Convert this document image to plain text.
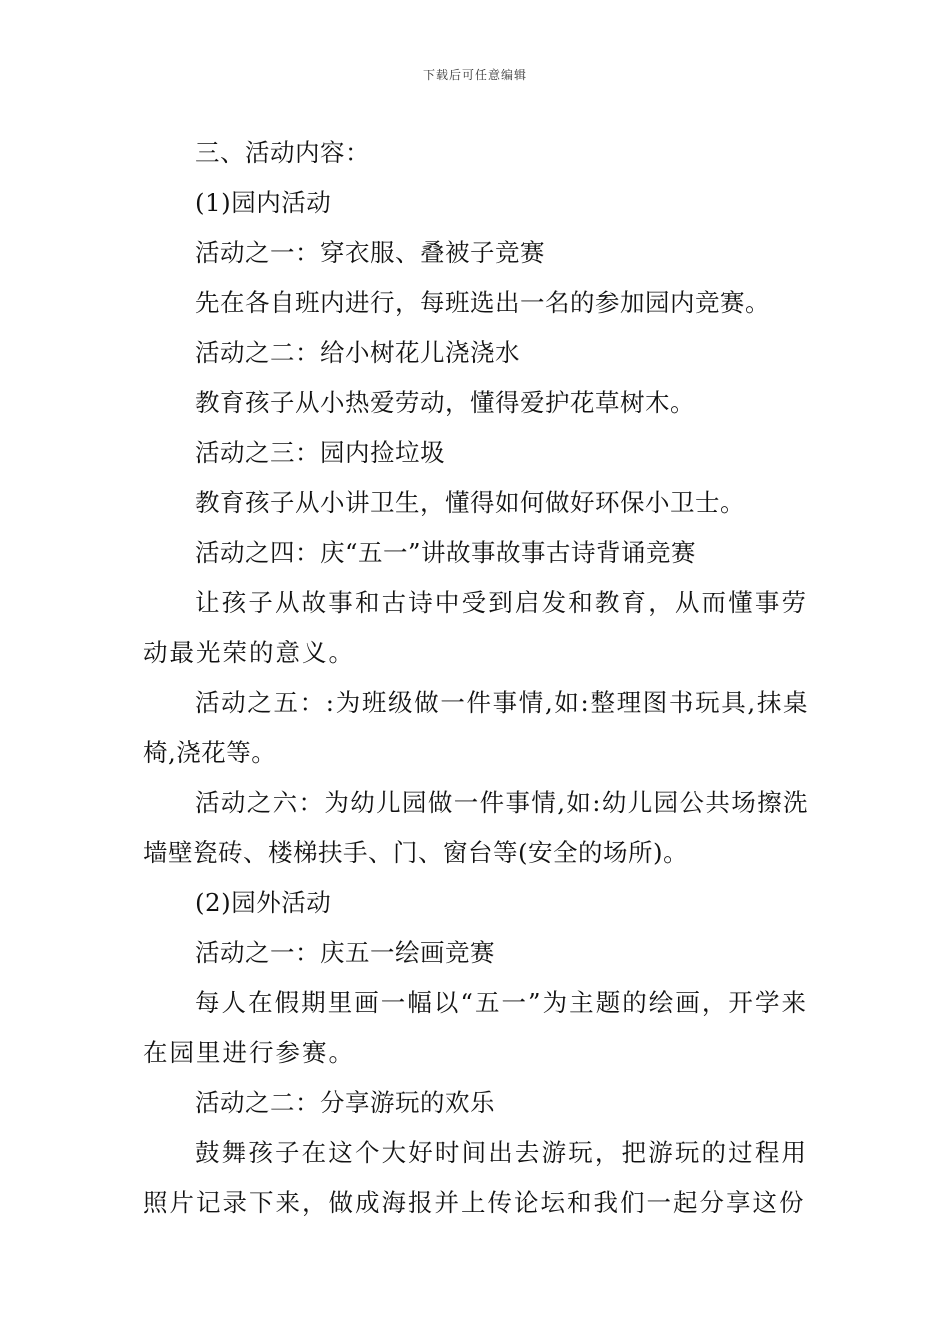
下载后可任意编辑

三、活动内容：

(1)园内活动

活动之一：穿衣服、叠被子竞赛

先在各自班内进行，每班选出一名的参加园内竞赛。

活动之二：给小树花儿浇浇水

教育孩子从小热爱劳动，懂得爱护花草树木。

活动之三：园内捡垃圾

教育孩子从小讲卫生，懂得如何做好环保小卫士。

活动之四：庆“五一”讲故事故事古诗背诵竞赛

让孩子从故事和古诗中受到启发和教育，从而懂事劳动最光荣的意义。

活动之五：:为班级做一件事情,如:整理图书玩具,抹桌椅,浇花等。

活动之六：为幼儿园做一件事情,如:幼儿园公共场擦洗墙壁瓷砖、楼梯扶手、门、窗台等(安全的场所)。

(2)园外活动

活动之一：庆五一绘画竞赛

每人在假期里画一幅以“五一”为主题的绘画，开学来在园里进行参赛。

活动之二：分享游玩的欢乐

鼓舞孩子在这个大好时间出去游玩，把游玩的过程用照片记录下来，做成海报并上传论坛和我们一起分享这份
